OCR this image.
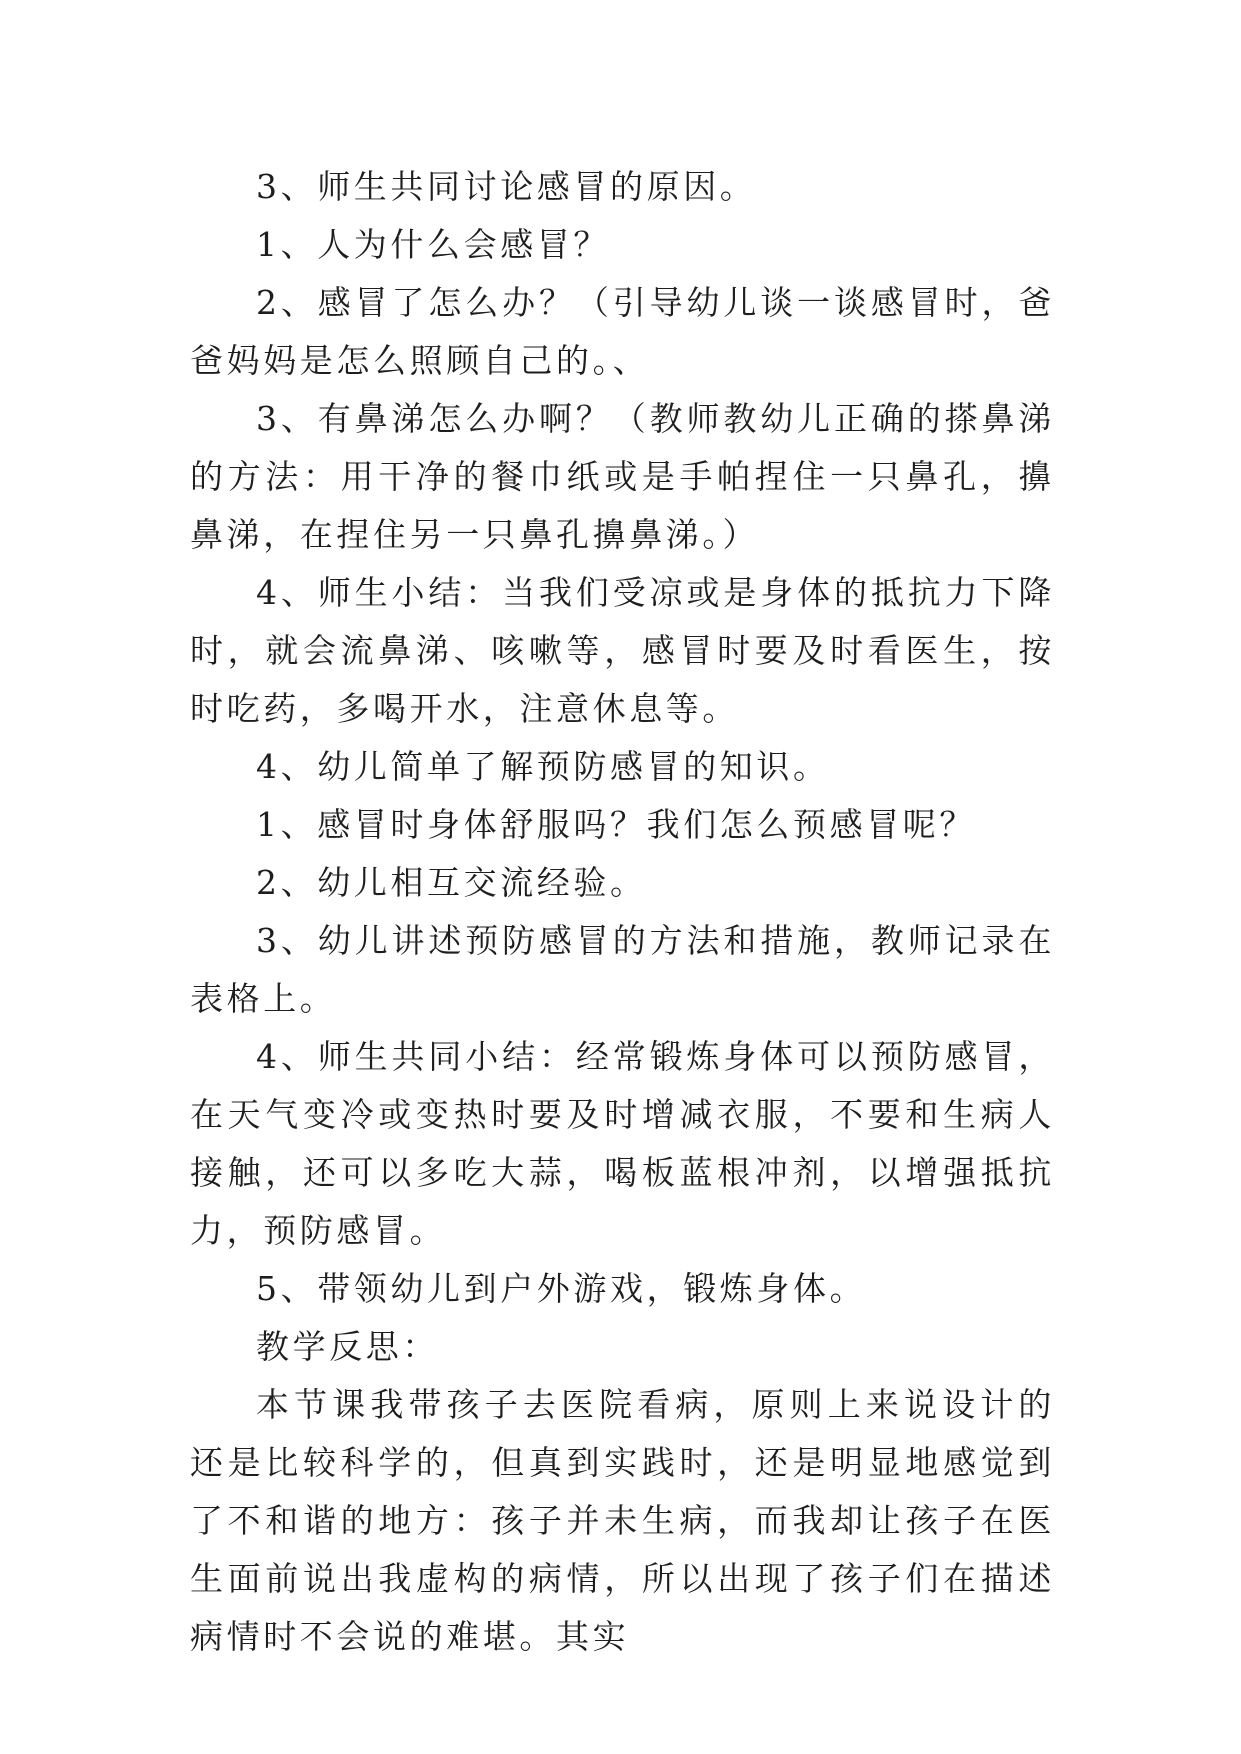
3、师生共同讨论感冒的原因。

1、人为什么会感冒？

2、感冒了怎么办？（引导幼儿谈一谈感冒时，爸爸妈妈是怎么照顾自己的。、

3、有鼻涕怎么办啊？（教师教幼儿正确的搽鼻涕的方法：用干净的餐巾纸或是手帕捏住一只鼻孔，擤鼻涕，在捏住另一只鼻孔擤鼻涕。）

4、师生小结：当我们受凉或是身体的抵抗力下降时，就会流鼻涕、咳嗽等，感冒时要及时看医生，按时吃药，多喝开水，注意休息等。

4、幼儿简单了解预防感冒的知识。

1、感冒时身体舒服吗？我们怎么预感冒呢？

2、幼儿相互交流经验。

3、幼儿讲述预防感冒的方法和措施，教师记录在表格上。

4、师生共同小结：经常锻炼身体可以预防感冒，在天气变冷或变热时要及时增减衣服，不要和生病人接触，还可以多吃大蒜，喝板蓝根冲剂，以增强抵抗力，预防感冒。

5、带领幼儿到户外游戏，锻炼身体。

教学反思：

本节课我带孩子去医院看病，原则上来说设计的还是比较科学的，但真到实践时，还是明显地感觉到了不和谐的地方：孩子并未生病，而我却让孩子在医生面前说出我虚构的病情，所以出现了孩子们在描述病情时不会说的难堪。其实
